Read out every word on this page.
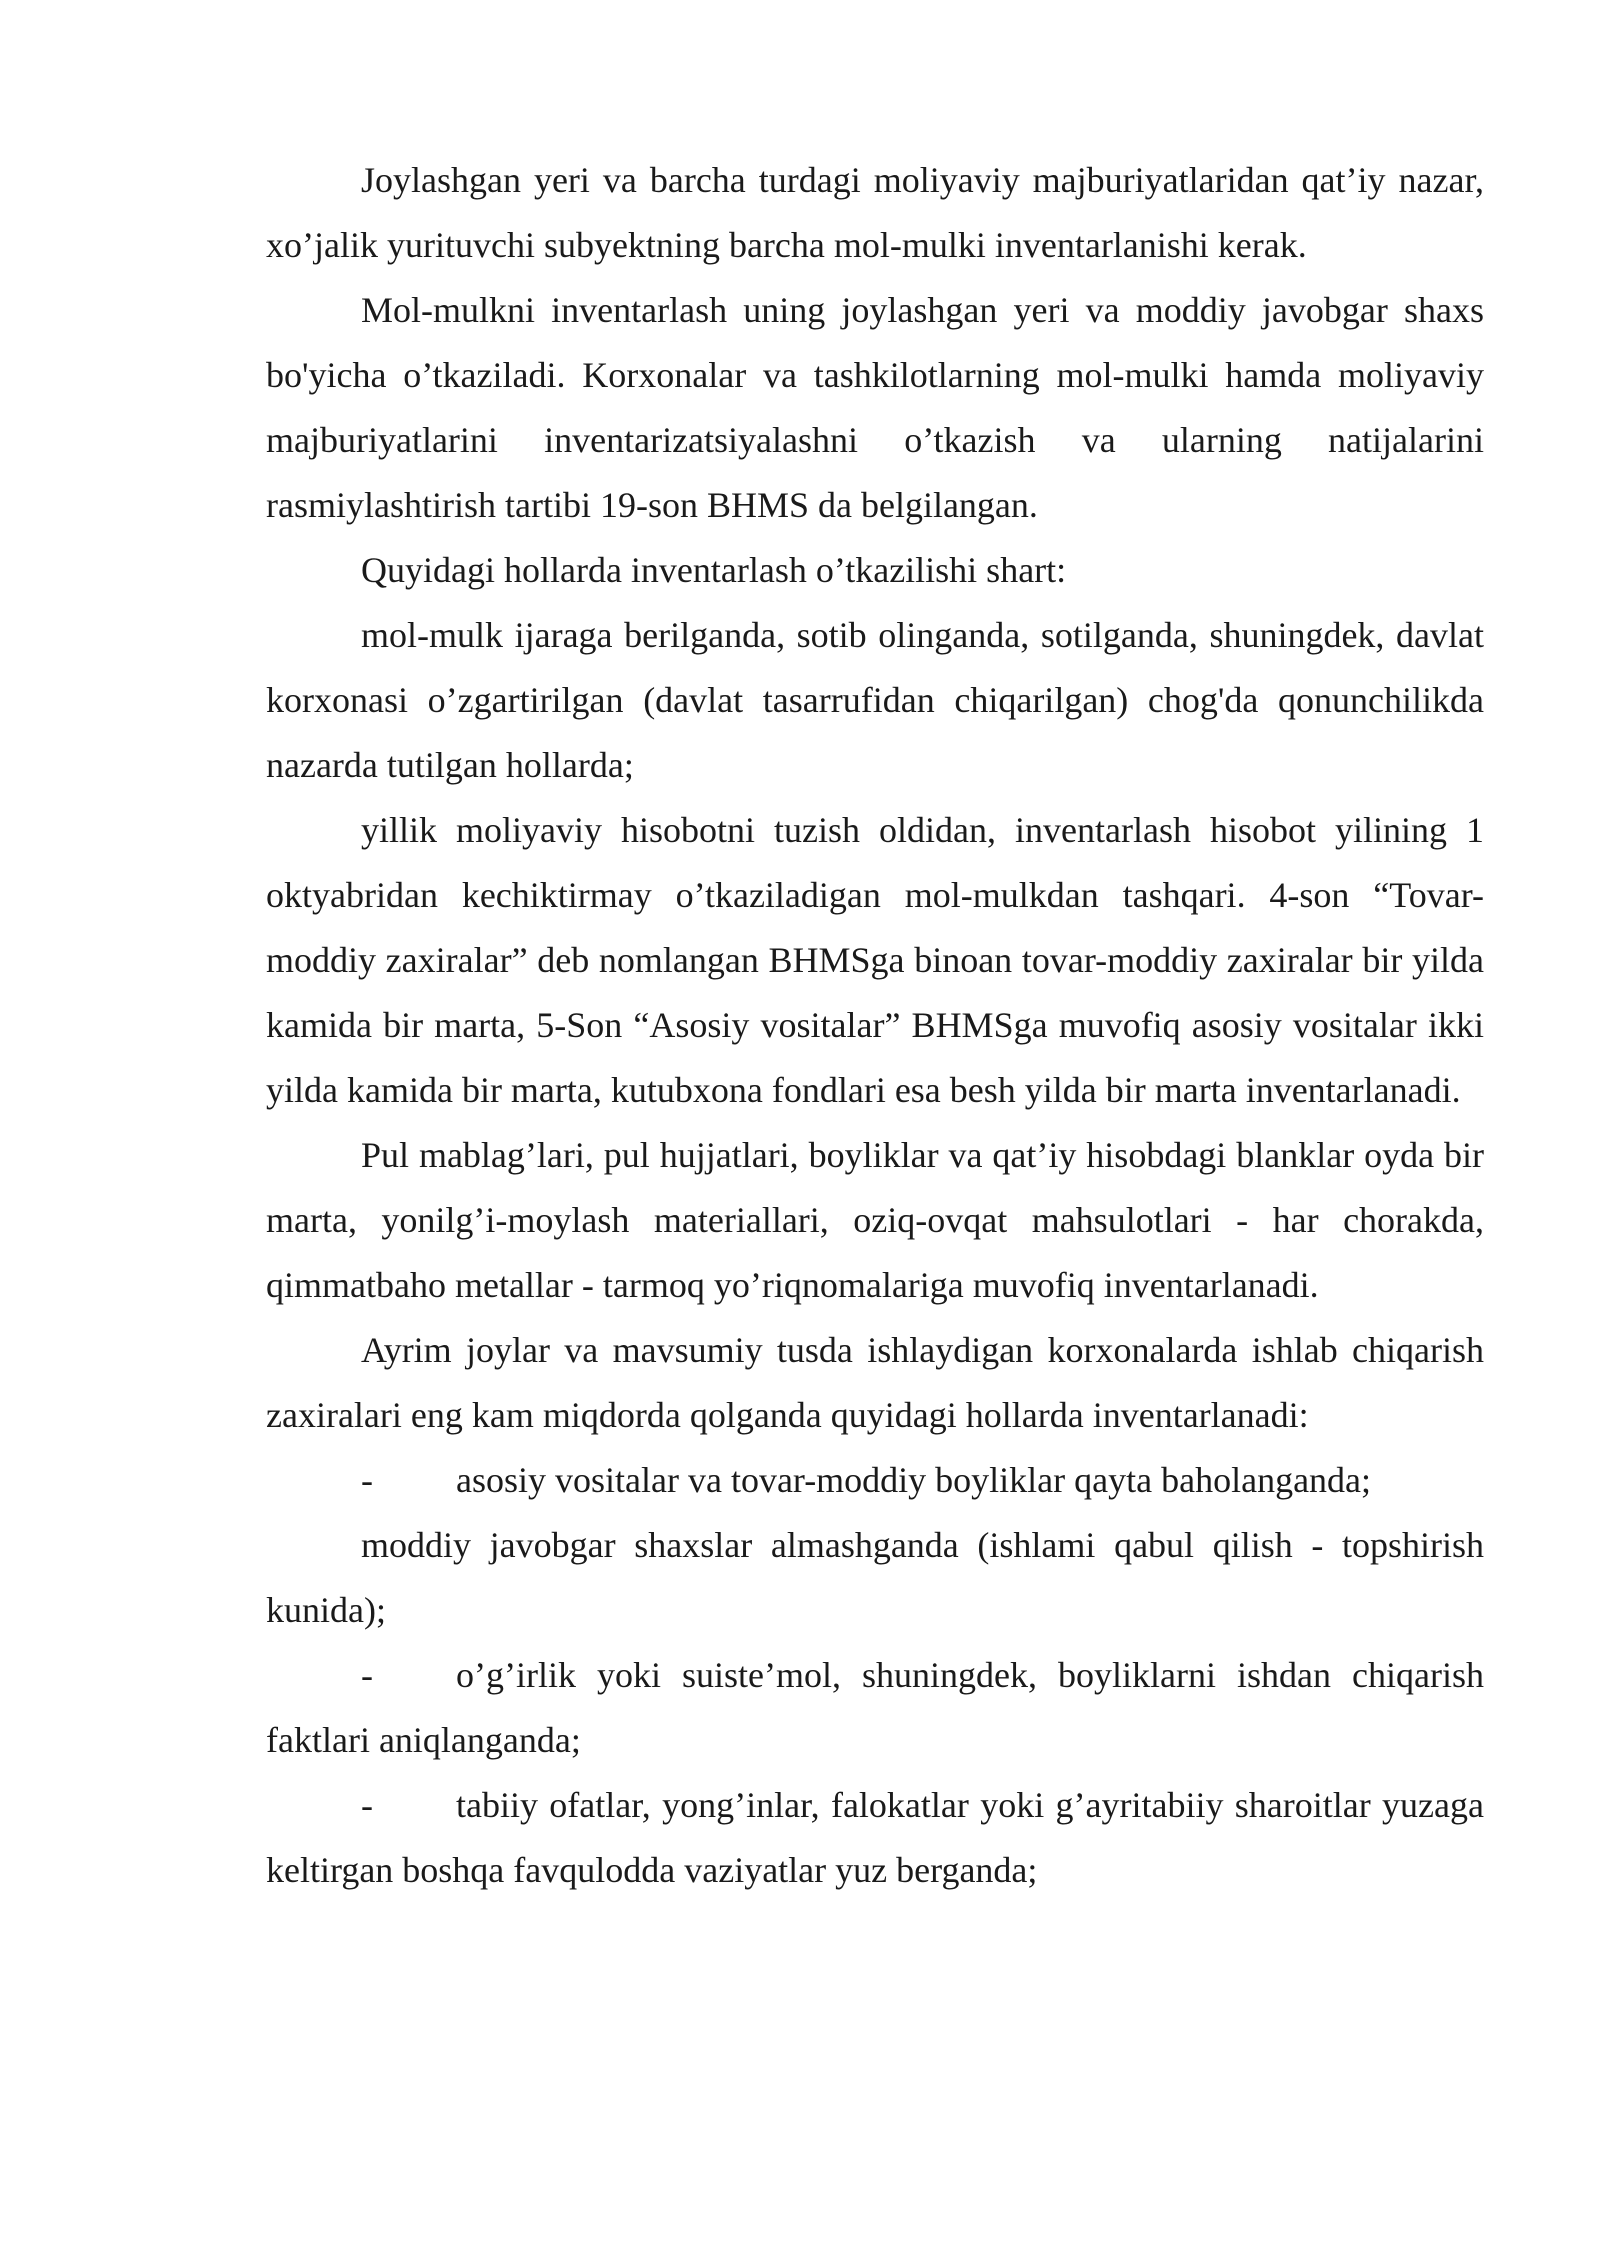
Joylashgan yeri va barcha turdagi moliyaviy majburiyatlaridan qat’iy nazar, xo’jalik yurituvchi subyektning barcha mol-mulki inventarlanishi kerak.

Mol-mulkni inventarlash uning joylashgan yeri va moddiy javobgar shaxs bo'yicha o’tkaziladi. Korxonalar va tashkilotlarning mol-mulki hamda moliyaviy majburiyatlarini inventarizatsiyalashni o’tkazish va ularning natijalarini rasmiylashtirish tartibi 19-son BHMS da belgilangan.

Quyidagi hollarda inventarlash o’tkazilishi shart:

mol-mulk ijaraga berilganda, sotib olinganda, sotilganda, shuningdek, davlat korxonasi o’zgartirilgan (davlat tasarrufidan chiqarilgan) chog'da qonunchilikda nazarda tutilgan hollarda;

yillik moliyaviy hisobotni tuzish oldidan, inventarlash hisobot yilining 1 oktyabridan kechiktirmay o’tkaziladigan mol-mulkdan tashqari. 4-son “Tovar-moddiy zaxiralar” deb nomlangan BHMSga binoan tovar-moddiy zaxiralar bir yilda kamida bir marta, 5-Son “Asosiy vositalar” BHMSga muvofiq asosiy vositalar ikki yilda kamida bir marta, kutubxona fondlari esa besh yilda bir marta inventarlanadi.

Pul mablag’lari, pul hujjatlari, boyliklar va qat’iy hisobdagi blanklar oyda bir marta, yonilg’i-moylash materiallari, oziq-ovqat mahsulotlari - har chorakda, qimmatbaho metallar - tarmoq yo’riqnomalariga muvofiq inventarlanadi.

Ayrim joylar va mavsumiy tusda ishlaydigan korxonalarda ishlab chiqarish zaxiralari eng kam miqdorda qolganda quyidagi hollarda inventarlanadi:

- asosiy vositalar va tovar-moddiy boyliklar qayta baholanganda;

moddiy javobgar shaxslar almashganda (ishlami qabul qilish - topshirish kunida);

- o’g’irlik yoki suiste’mol, shuningdek, boyliklarni ishdan chiqarish faktlari aniqlanganda;

- tabiiy ofatlar, yong’inlar, falokatlar yoki g’ayritabiiy sharoitlar yuzaga keltirgan boshqa favqulodda vaziyatlar yuz berganda;
